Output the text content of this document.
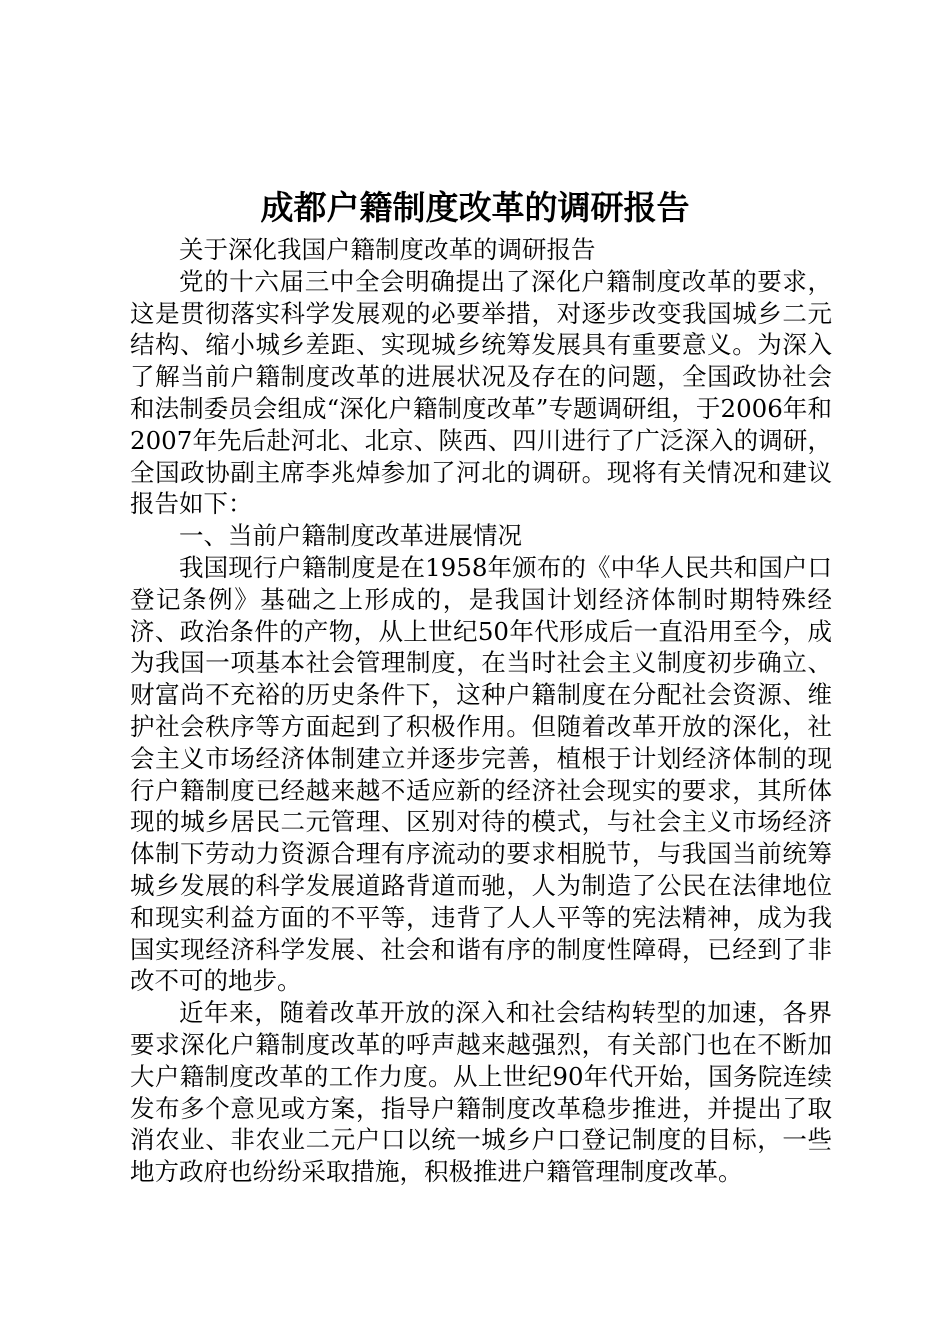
成都户籍制度改革的调研报告

关于深化我国户籍制度改革的调研报告

党的十六届三中全会明确提出了深化户籍制度改革的要求，这是贯彻落实科学发展观的必要举措，对逐步改变我国城乡二元结构、缩小城乡差距、实现城乡统筹发展具有重要意义。为深入了解当前户籍制度改革的进展状况及存在的问题，全国政协社会和法制委员会组成“深化户籍制度改革”专题调研组，于2006年和2007年先后赴河北、北京、陕西、四川进行了广泛深入的调研，全国政协副主席李兆焯参加了河北的调研。现将有关情况和建议报告如下：

一、当前户籍制度改革进展情况

我国现行户籍制度是在1958年颁布的《中华人民共和国户口登记条例》基础之上形成的，是我国计划经济体制时期特殊经济、政治条件的产物，从上世纪50年代形成后一直沿用至今，成为我国一项基本社会管理制度，在当时社会主义制度初步确立、财富尚不充裕的历史条件下，这种户籍制度在分配社会资源、维护社会秩序等方面起到了积极作用。但随着改革开放的深化，社会主义市场经济体制建立并逐步完善，植根于计划经济体制的现行户籍制度已经越来越不适应新的经济社会现实的要求，其所体现的城乡居民二元管理、区别对待的模式，与社会主义市场经济体制下劳动力资源合理有序流动的要求相脱节，与我国当前统筹城乡发展的科学发展道路背道而驰，人为制造了公民在法律地位和现实利益方面的不平等，违背了人人平等的宪法精神，成为我国实现经济科学发展、社会和谐有序的制度性障碍，已经到了非改不可的地步。

近年来，随着改革开放的深入和社会结构转型的加速，各界要求深化户籍制度改革的呼声越来越强烈，有关部门也在不断加大户籍制度改革的工作力度。从上世纪90年代开始，国务院连续发布多个意见或方案，指导户籍制度改革稳步推进，并提出了取消农业、非农业二元户口以统一城乡户口登记制度的目标，一些地方政府也纷纷采取措施，积极推进户籍管理制度改革。
